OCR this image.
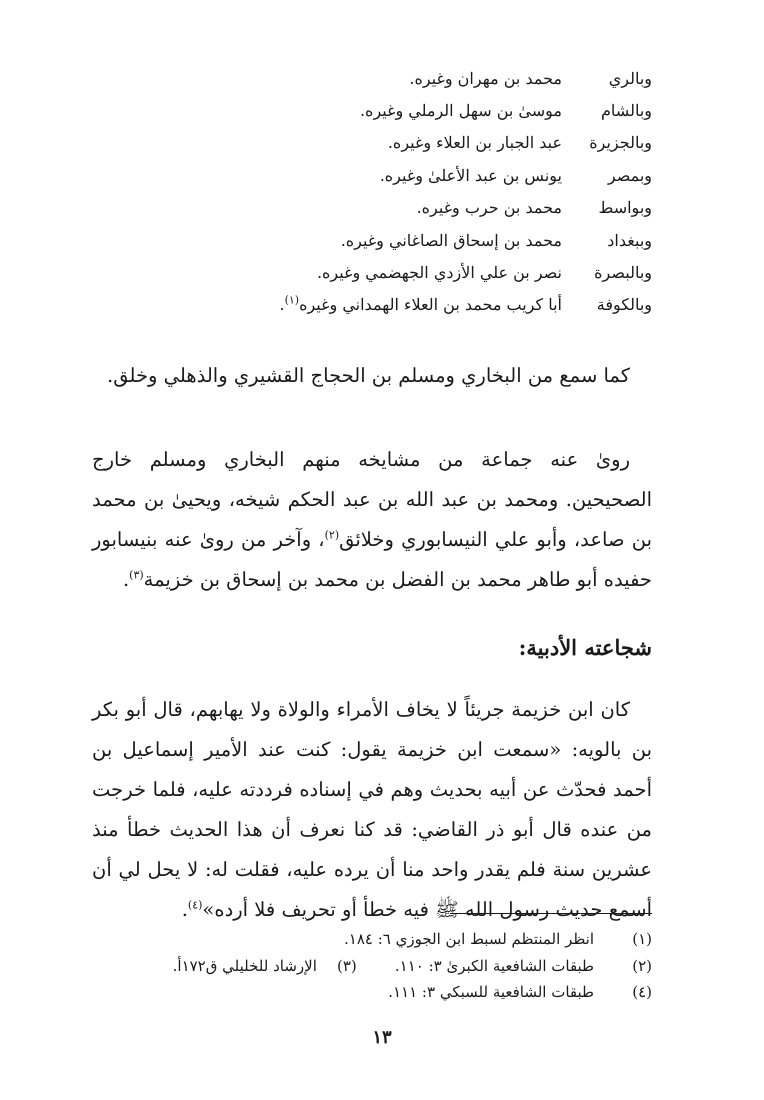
وبالري
محمد بن مهران وغيره.
وبالشام
موسىٰ بن سهل الرملي وغيره.
وبالجزيرة
عبد الجبار بن العلاء وغيره.
وبمصر
يونس بن عبد الأعلىٰ وغيره.
وبواسط
محمد بن حرب وغيره.
وببغداد
محمد بن إسحاق الصاغاني وغيره.
وبالبصرة
نصر بن علي الأزدي الجهضمي وغيره.
وبالكوفة
أبا كريب محمد بن العلاء الهمداني وغيره$^{(١)}$.

كما سمع من البخاري ومسلم بن الحجاج القشيري والذهلي وخلق.

روىٰ عنه جماعة من مشايخه منهم البخاري ومسلم خارج الصحيحين. ومحمد بن عبد الله بن عبد الحكم شيخه، ويحيىٰ بن محمد بن صاعد، وأبو علي النيسابوري وخلائق$^{(٢)}$، وآخر من روىٰ عنه بنيسابور حفيده أبو طاهر محمد بن الفضل بن محمد بن إسحاق بن خزيمة$^{(٣)}$.

شجاعته الأدبية:

كان ابن خزيمة جريئاً لا يخاف الأمراء والولاة ولا يهابهم، قال أبو بكر بن بالويه: «سمعت ابن خزيمة يقول: كنت عند الأمير إسماعيل بن أحمد فحدّث عن أبيه بحديث وهم في إسناده فرددته عليه، فلما خرجت من عنده قال أبو ذر القاضي: قد كنا نعرف أن هذا الحديث خطأ منذ عشرين سنة فلم يقدر واحد منا أن يرده عليه، فقلت له: لا يحل لي أن أسمع حديث رسول الله ﷺ فيه خطأ أو تحريف فلا أرده»$^{(٤)}$.

(١)
انظر المنتظم لسبط ابن الجوزي ٦: ١٨٤.
(٢)
طبقات الشافعية الكبرىٰ ٣: ١١٠.
(٣)
الإرشاد للخليلي ق١٧٢أ.
(٤)
طبقات الشافعية للسبكي ٣: ١١١.
١٣
